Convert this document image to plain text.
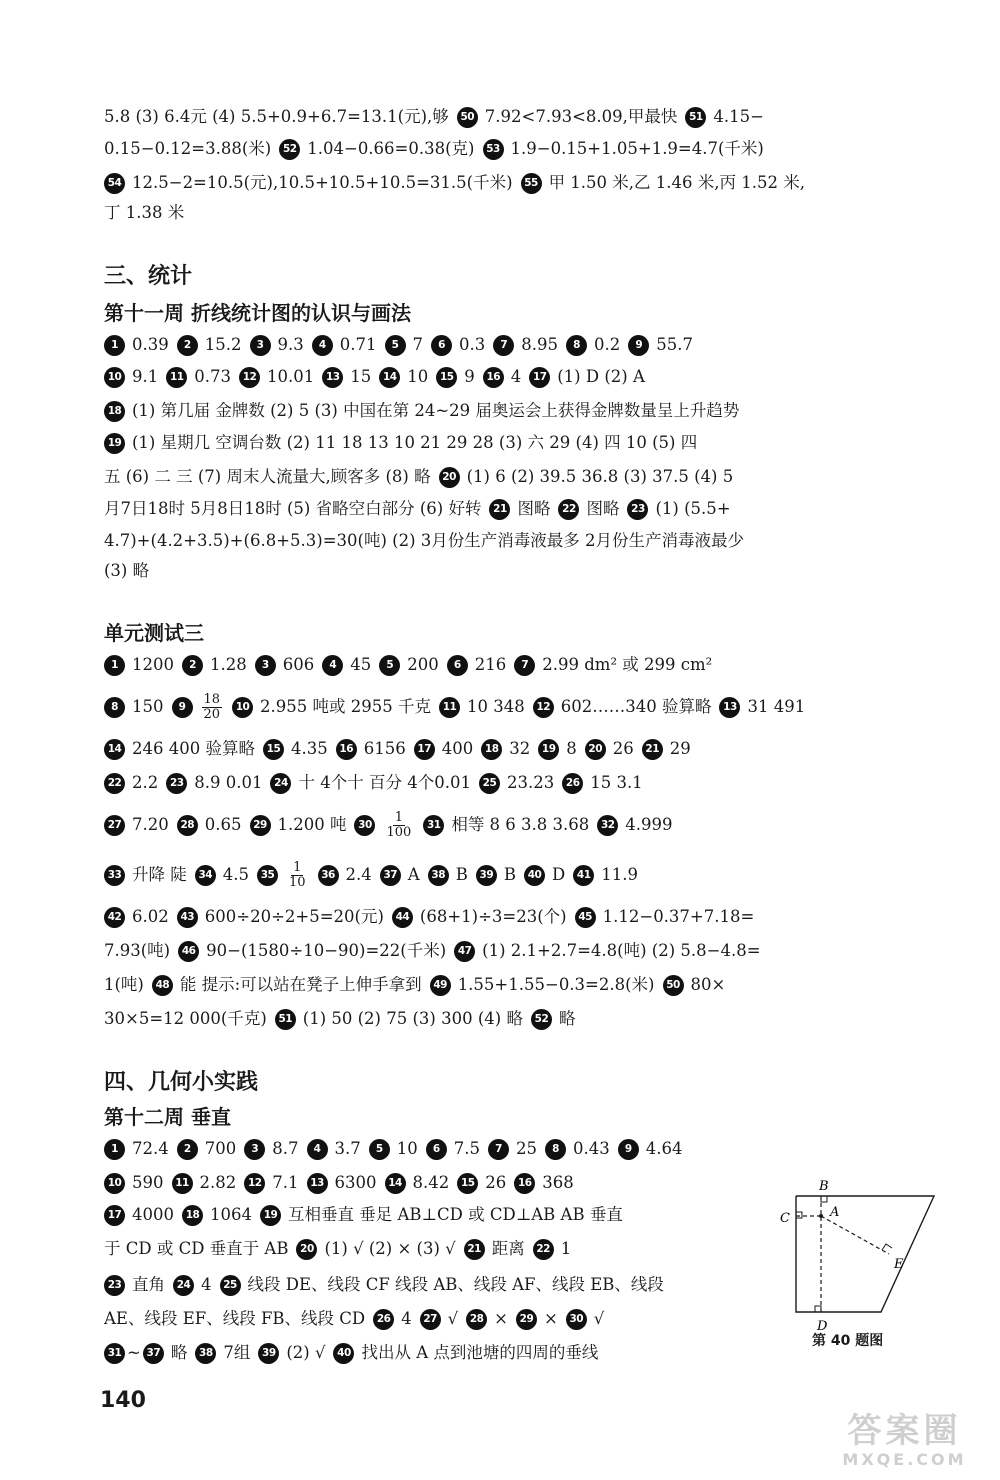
5.8 (3) 6.4元 (4) 5.5+0.9+6.7=13.1(元),够	50 7.92<7.93<8.09,甲最快	51 4.15−
0.15−0.12=3.88(米)	52 1.04−0.66=0.38(克)	53 1.9−0.15+1.05+1.9=4.7(千米)
54 12.5−2=10.5(元),10.5+10.5+10.5=31.5(千米)	55 甲 1.50 米,乙 1.46 米,丙 1.52 米,
丁 1.38 米
三、统计
第十一周 折线统计图的认识与画法
1 0.39	2 15.2	3 9.3	4 0.71	5 7	6 0.3	7 8.95	8 0.2	9 55.7
10 9.1	11 0.73	12 10.01	13 15	14 10	15 9	16 4	17 (1) D (2) A
18 (1) 第几届 金牌数 (2) 5 (3) 中国在第 24~29 届奥运会上获得金牌数量呈上升趋势
19 (1) 星期几 空调台数 (2) 11 18 13 10 21 29 28 (3) 六 29 (4) 四 10 (5) 四
五 (6) 二 三 (7) 周末人流量大,顾客多 (8) 略	20 (1) 6 (2) 39.5 36.8 (3) 37.5 (4) 5
月7日18时 5月8日18时 (5) 省略空白部分 (6) 好转	21 图略	22 图略	23 (1) (5.5+
4.7)+(4.2+3.5)+(6.8+5.3)=30(吨) (2) 3月份生产消毒液最多 2月份生产消毒液最少
(3) 略
单元测试三
1 1200	2 1.28	3 606	4 45	5 200	6 216	7 2.99 dm² 或 299 cm²
8 150	9	$\frac{18}{20}$	10 2.955 吨或 2955 千克	11 10 348	12 602……340 验算略	13 31 491
14 246 400 验算略	15 4.35	16 6156	17 400	18 32	19 8	20 26	21 29
22 2.2	23 8.9 0.01	24 十 4个十 百分 4个0.01	25 23.23	26 15 3.1
27 7.20	28 0.65	29 1.200 吨	$30 \frac{1}{100}$	31 相等 8 6 3.8 3.68	32 4.999
33 升降 陡	34 4.5	$35 \frac{1}{10}$	36 2.4	37 A	38 B	39 B	40 D	41 11.9
42 6.02	43 600÷20÷2+5=20(元)	44 (68+1)÷3=23(个)	45 1.12−0.37+7.18=
7.93(吨)	46 90−(1580÷10−90)=22(千米)	47 (1) 2.1+2.7=4.8(吨) (2) 5.8−4.8=
1(吨)	48 能 提示:可以站在凳子上伸手拿到	49 1.55+1.55−0.3=2.8(米)	50 80×
30×5=12 000(千克)	51 (1) 50 (2) 75 (3) 300 (4) 略	52 略
四、几何小实践
第十二周 垂直
1 72.4	2 700	3 8.7	4 3.7	5 10	6 7.5	7 25	8 0.43	9 4.64
10 590	11 2.82	12 7.1	13 6300	14 8.42	15 26	16 368
17 4000	18 1064	19 互相垂直 垂足 AB⊥CD 或 CD⊥AB AB 垂直
于 CD 或 CD 垂直于 AB	20 (1) √ (2) × (3) √	21 距离	22 1
23 直角	24 4	25 线段 DE、线段 CF 线段 AB、线段 AF、线段 EB、线段
AE、线段 EF、线段 FB、线段 CD	26 4	27 √	28 ×	29 ×	30 √
31 ~ 37 略	38 7组	39 (2) √	40 找出从 A 点到池塘的四周的垂线
B
C	A
E
D
第 40 题图
140
答案圈
MXQE.COM
